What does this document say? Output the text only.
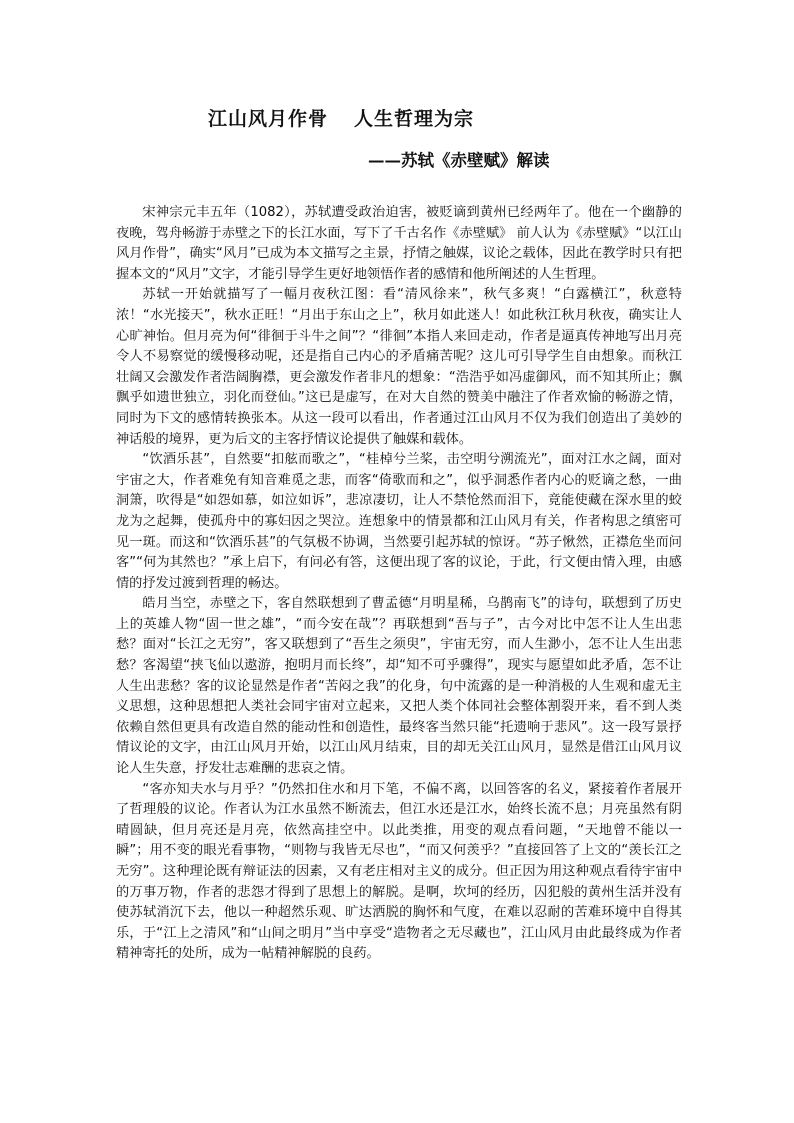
江山风月作骨 人生哲理为宗
——苏轼《赤壁赋》解读

宋神宗元丰五年（1082），苏轼遭受政治迫害，被贬谪到黄州已经两年了。他在一个幽静的夜晚，驾舟畅游于赤壁之下的长江水面，写下了千古名作《赤壁赋》 前人认为《赤壁赋》“以江山风月作骨”，确实“风月”已成为本文描写之主景，抒情之触媒，议论之载体，因此在教学时只有把握本文的“风月”文字，才能引导学生更好地领悟作者的感情和他所阐述的人生哲理。

苏轼一开始就描写了一幅月夜秋江图：看“清风徐来”，秋气多爽！“白露横江”，秋意特浓！“水光接天”，秋水正旺！“月出于东山之上”，秋月如此迷人！如此秋江秋月秋夜，确实让人心旷神怡。但月亮为何“徘徊于斗牛之间”？“徘徊”本指人来回走动，作者是逼真传神地写出月亮令人不易察觉的缓慢移动呢，还是指自己内心的矛盾痛苦呢？这儿可引导学生自由想象。而秋江壮阔又会激发作者浩阔胸襟，更会激发作者非凡的想象：“浩浩乎如冯虚御风，而不知其所止；飘飘乎如遗世独立，羽化而登仙。”这已是虚写，在对大自然的赞美中融注了作者欢愉的畅游之情，同时为下文的感情转换张本。从这一段可以看出，作者通过江山风月不仅为我们创造出了美妙的神话般的境界，更为后文的主客抒情议论提供了触媒和载体。

“饮酒乐甚”，自然要“扣舷而歌之”，“桂棹兮兰桨，击空明兮溯流光”，面对江水之阔，面对宇宙之大，作者难免有知音难觅之悲，而客“倚歌而和之”，似乎洞悉作者内心的贬谪之愁，一曲洞箫，吹得是“如怨如慕，如泣如诉”，悲凉凄切，让人不禁怆然而泪下，竟能使藏在深水里的蛟龙为之起舞，使孤舟中的寡妇因之哭泣。连想象中的情景都和江山风月有关，作者构思之缜密可见一斑。而这和“饮酒乐甚”的气氛极不协调，当然要引起苏轼的惊讶。“苏子愀然，正襟危坐而问客”“何为其然也？”承上启下，有问必有答，这便出现了客的议论，于此，行文便由情入理，由感情的抒发过渡到哲理的畅达。

皓月当空，赤壁之下，客自然联想到了曹孟德“月明星稀，乌鹊南飞”的诗句，联想到了历史上的英雄人物“固一世之雄”，“而今安在哉”？再联想到“吾与子”，古今对比中怎不让人生出悲愁？面对“长江之无穷”，客又联想到了“吾生之须臾”，宇宙无穷，而人生渺小，怎不让人生出悲愁？客渴望“挟飞仙以遨游，抱明月而长终”，却“知不可乎骤得”，现实与愿望如此矛盾，怎不让人生出悲愁？客的议论显然是作者“苦闷之我”的化身，句中流露的是一种消极的人生观和虚无主义思想，这种思想把人类社会同宇宙对立起来，又把人类个体同社会整体割裂开来，看不到人类依赖自然但更具有改造自然的能动性和创造性，最终客当然只能“托遗响于悲风”。这一段写景抒情议论的文字，由江山风月开始，以江山风月结束，目的却无关江山风月，显然是借江山风月议论人生失意，抒发壮志难酬的悲哀之情。

“客亦知夫水与月乎？”仍然扣住水和月下笔，不偏不离，以回答客的名义，紧接着作者展开了哲理般的议论。作者认为江水虽然不断流去，但江水还是江水，始终长流不息；月亮虽然有阴晴圆缺，但月亮还是月亮，依然高挂空中。以此类推，用变的观点看问题，“天地曾不能以一瞬”；用不变的眼光看事物，“则物与我皆无尽也”，“而又何羡乎？”直接回答了上文的“羡长江之无穷”。这种理论既有辩证法的因素，又有老庄相对主义的成分。但正因为用这种观点看待宇宙中的万事万物，作者的悲怨才得到了思想上的解脱。是啊，坎坷的经历，囚犯般的黄州生活并没有使苏轼消沉下去，他以一种超然乐观、旷达洒脱的胸怀和气度，在难以忍耐的苦难环境中自得其乐，于“江上之清风”和“山间之明月”当中享受“造物者之无尽藏也”，江山风月由此最终成为作者精神寄托的处所，成为一帖精神解脱的良药。
